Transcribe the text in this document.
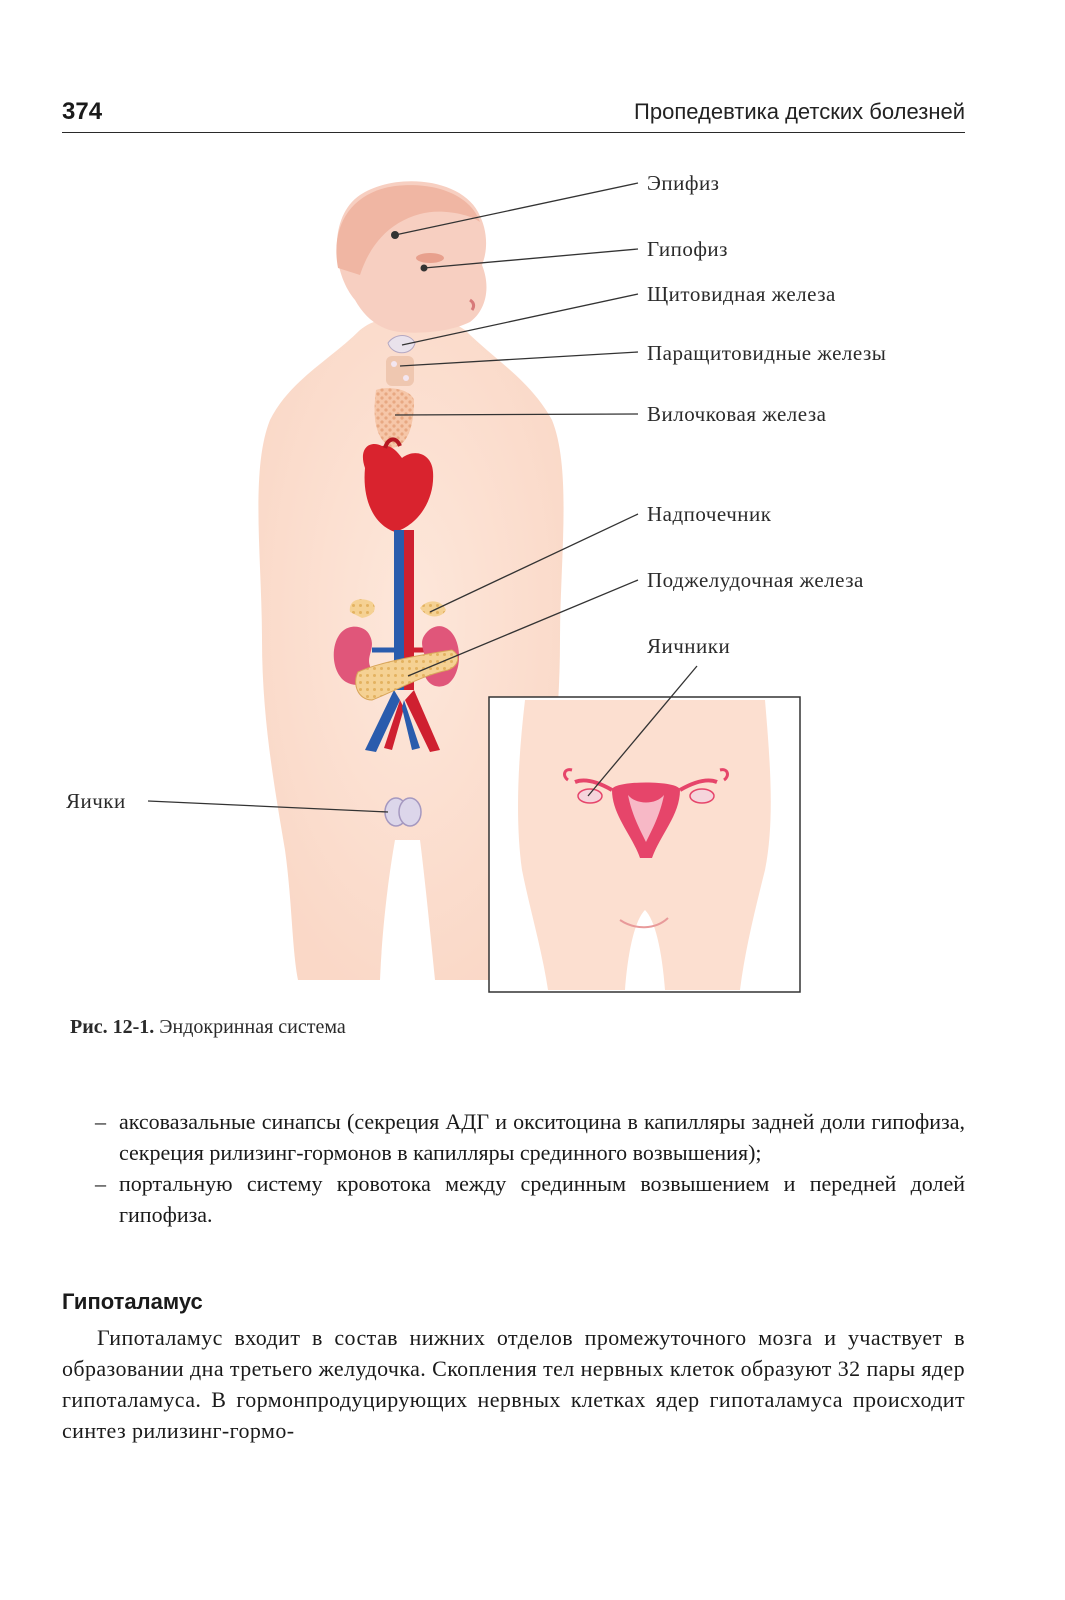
374	Пропедевтика детских болезней
Эпифиз
Гипофиз
Щитовидная железа
Паращитовидные железы
Вилочковая железа
Надпочечник
Поджелудочная железа
Яичники
Яички
Рис. 12-1. Эндокринная система
– аксовазальные синапсы (секреция АДГ и окситоцина в капилляры задней доли гипофиза, секреция рилизинг-гормонов в капилляры срединного возвышения);
– портальную систему кровотока между срединным возвышением и передней долей гипофиза.
Гипоталамус
Гипоталамус входит в состав нижних отделов промежуточного мозга и участвует в образовании дна третьего желудочка. Скопления тел нервных клеток образуют 32 пары ядер гипоталамуса. В гормонпродуцирующих нервных клетках ядер гипоталамуса происходит синтез рилизинг-гормо-
